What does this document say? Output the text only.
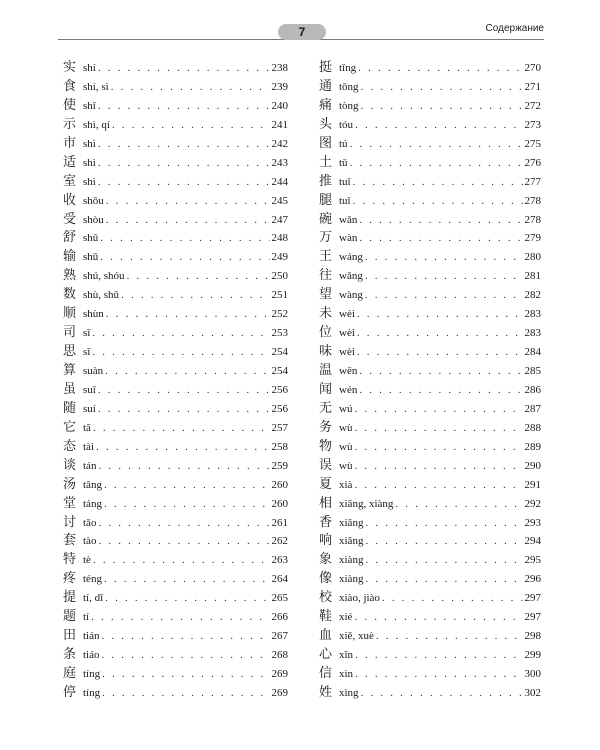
7	Содержание
实 shí . . .	238
食 shí, sì . . .	239
使 shǐ . . .	240
示 shì, qí . . .	241
市 shì . . .	242
适 shì . . .	243
室 shì . . .	244
收 shōu . . .	245
受 shòu . . .	247
舒 shū . . .	248
输 shū . . .	249
熟 shú, shóu . . .	250
数 shù, shǔ . . .	251
顺 shùn . . .	252
司 sī . . .	253
思 sī . . .	254
算 suàn . . .	254
虽 suī . . .	256
随 suí . . .	256
它 tā . . .	257
态 tài . . .	258
谈 tán . . .	259
汤 tāng . . .	260
堂 táng . . .	260
讨 tǎo . . .	261
套 tào . . .	262
特 tè . . .	263
疼 téng . . .	264
提 tí, dī . . .	265
题 tí . . .	266
田 tián . . .	267
条 tiáo . . .	268
庭 tíng . . .	269
停 tíng . . .	269
挺 tǐng . . .	270
通 tōng . . .	271
痛 tòng . . .	272
头 tóu . . .	273
图 tú . . .	275
土 tǔ . . .	276
推 tuī . . .	277
腿 tuǐ . . .	278
碗 wǎn . . .	278
万 wàn . . .	279
王 wáng . . .	280
往 wǎng . . .	281
望 wàng . . .	282
未 wèi . . .	283
位 wèi . . .	283
味 wèi . . .	284
温 wēn . . .	285
闻 wén . . .	286
无 wú . . .	287
务 wù . . .	288
物 wù . . .	289
误 wù . . .	290
夏 xià . . .	291
相 xiāng, xiàng . . .	292
香 xiāng . . .	293
响 xiǎng . . .	294
象 xiàng . . .	295
像 xiàng . . .	296
校 xiào, jiào . . .	297
鞋 xié . . .	297
血 xiě, xuè . . .	298
心 xīn . . .	299
信 xìn . . .	300
姓 xìng . . .	302
